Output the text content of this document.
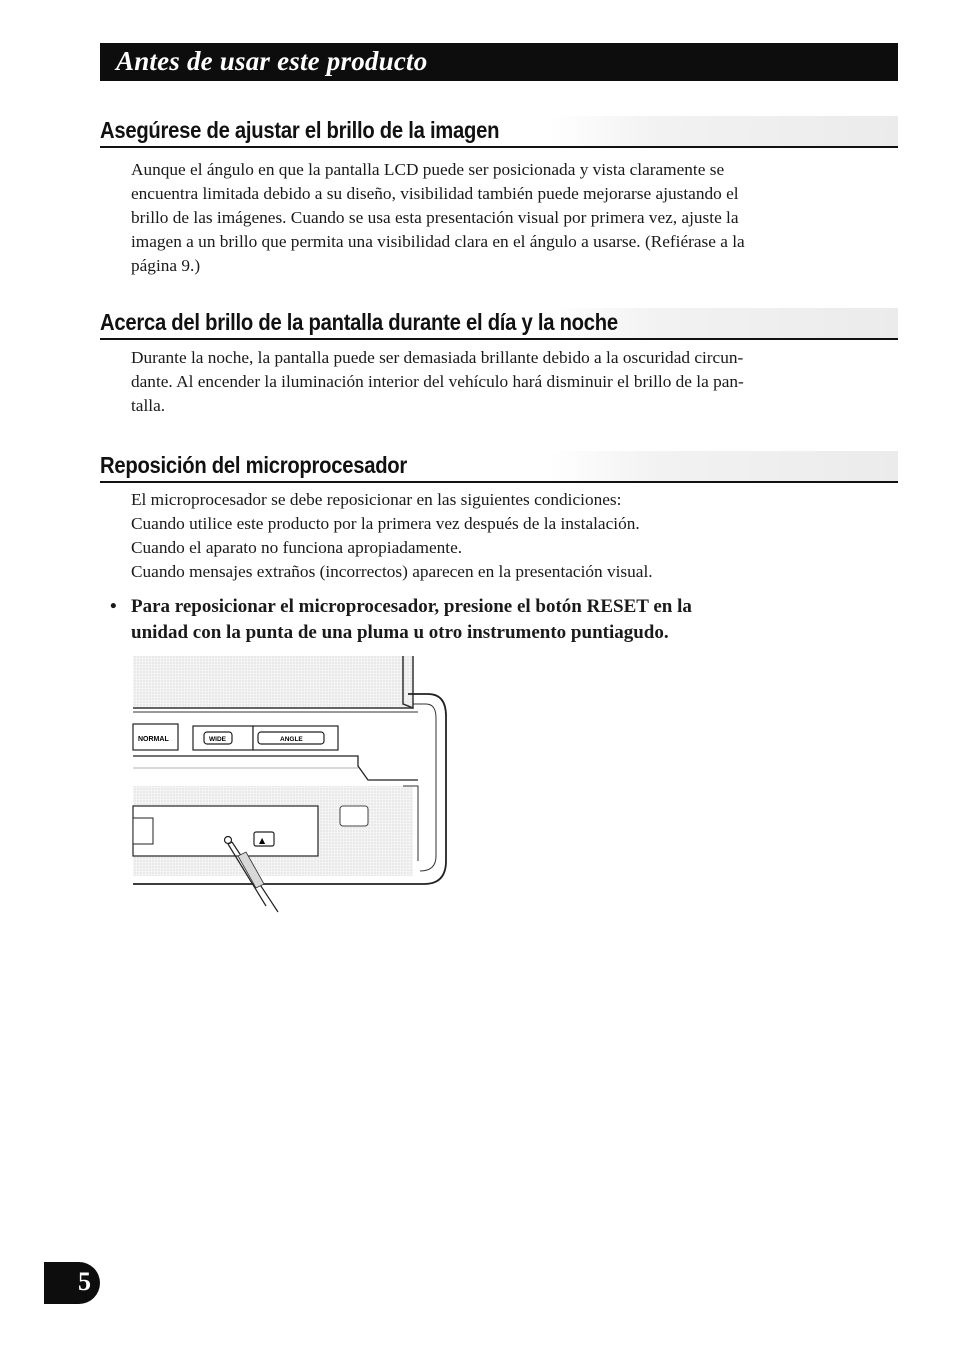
Antes de usar este producto
Asegúrese de ajustar el brillo de la imagen

Aunque el ángulo en que la pantalla LCD puede ser posicionada y vista claramente se
encuentra limitada debido a su diseño, visibilidad también puede mejorarse ajustando el
brillo de las imágenes. Cuando se usa esta presentación visual por primera vez, ajuste la
imagen a un brillo que permita una visibilidad clara en el ángulo a usarse. (Refiérase a la
página 9.)

Acerca del brillo de la pantalla durante el día y la noche

Durante la noche, la pantalla puede ser demasiada brillante debido a la oscuridad circun-
dante. Al encender la iluminación interior del vehículo hará disminuir el brillo de la pan-
talla.

Reposición del microprocesador

El microprocesador se debe reposicionar en las siguientes condiciones:
Cuando utilice este producto por la primera vez después de la instalación.
Cuando el aparato no funciona apropiadamente.
Cuando mensajes extraños (incorrectos) aparecen en la presentación visual.

• Para reposicionar el microprocesador, presione el botón RESET en la
unidad con la punta de una pluma u otro instrumento puntiagudo.
NORMAL	WIDE	ANGLE
▲
5
